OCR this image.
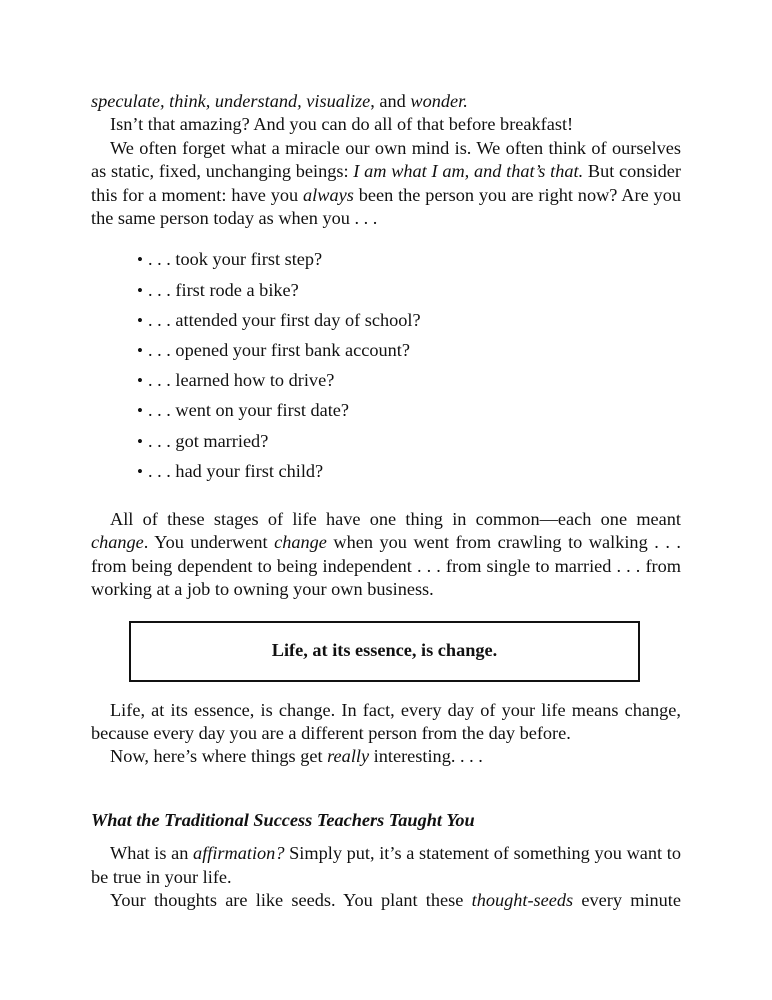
speculate, think, understand, visualize, and wonder.

Isn’t that amazing? And you can do all of that before breakfast!

We often forget what a miracle our own mind is. We often think of ourselves as static, fixed, unchanging beings: I am what I am, and that’s that. But consider this for a moment: have you always been the person you are right now? Are you the same person today as when you . . .

• . . . took your first step?
• . . . first rode a bike?
• . . . attended your first day of school?
• . . . opened your first bank account?
• . . . learned how to drive?
• . . . went on your first date?
• . . . got married?
• . . . had your first child?

All of these stages of life have one thing in common—each one meant change. You underwent change when you went from crawling to walking . . . from being dependent to being independent . . . from single to married . . . from working at a job to owning your own business.

Life, at its essence, is change.

Life, at its essence, is change. In fact, every day of your life means change, because every day you are a different person from the day before.

Now, here’s where things get really interesting. . . .

What the Traditional Success Teachers Taught You

What is an affirmation? Simply put, it’s a statement of something you want to be true in your life.

Your thoughts are like seeds. You plant these thought-seeds every minute
